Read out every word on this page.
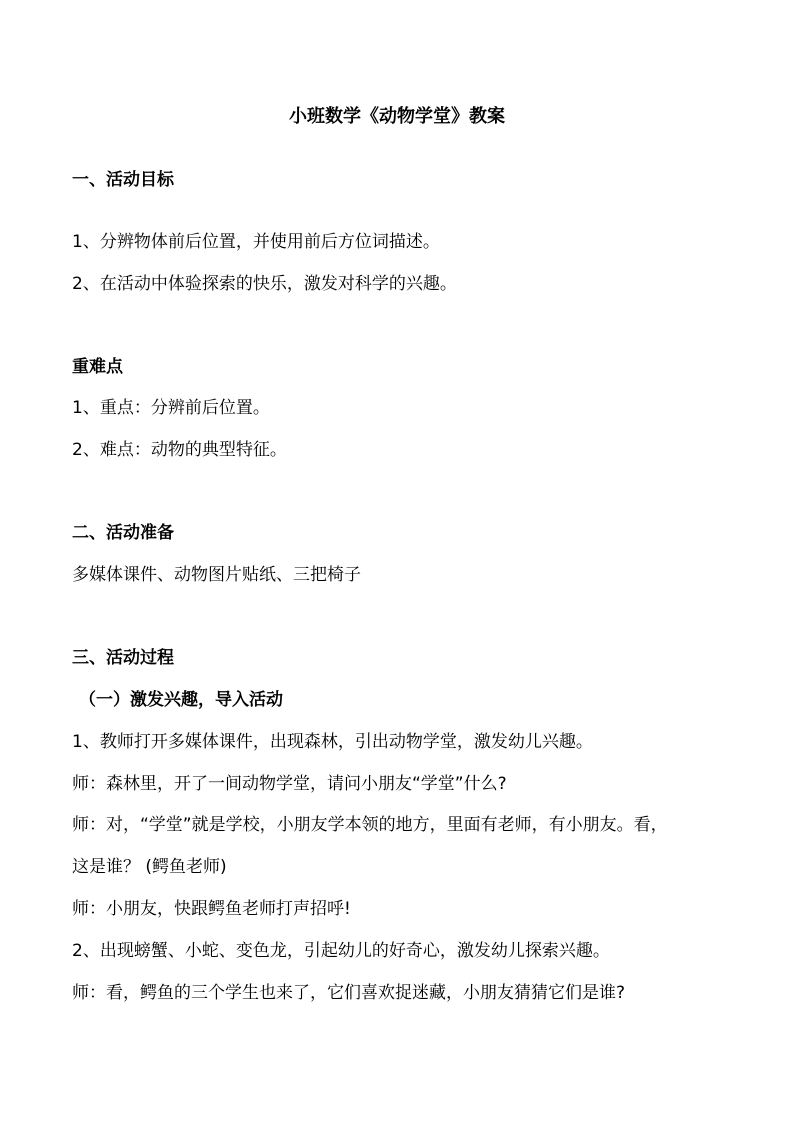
小班数学《动物学堂》教案
一、活动目标
1、分辨物体前后位置，并使用前后方位词描述。
2、在活动中体验探索的快乐，激发对科学的兴趣。
重难点
1、重点：分辨前后位置。
2、难点：动物的典型特征。
二、活动准备
多媒体课件、动物图片贴纸、三把椅子
三、活动过程
（一）激发兴趣，导入活动
1、教师打开多媒体课件，出现森林，引出动物学堂，激发幼儿兴趣。
师：森林里，开了一间动物学堂，请问小朋友“学堂”什么?
师：对，“学堂”就是学校，小朋友学本领的地方，里面有老师，有小朋友。看，
这是谁？ (鳄鱼老师)
师：小朋友，快跟鳄鱼老师打声招呼!
2、出现螃蟹、小蛇、变色龙，引起幼儿的好奇心，激发幼儿探索兴趣。
师：看，鳄鱼的三个学生也来了，它们喜欢捉迷藏，小朋友猜猜它们是谁?
